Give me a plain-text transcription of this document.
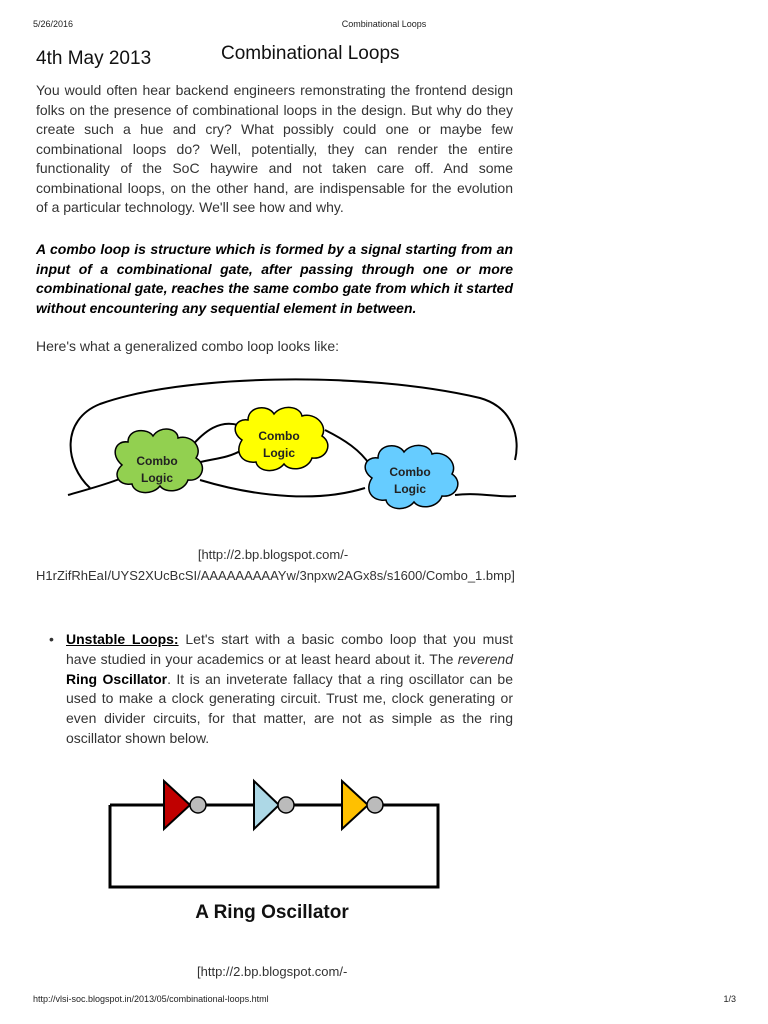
5/26/2016	Combinational Loops
4th May 2013	Combinational Loops

You would often hear backend engineers remonstrating the frontend design folks on the presence of combinational loops in the design. But why do they create such a hue and cry? What possibly could one or maybe few combinational loops do? Well, potentially, they can render the entire functionality of the SoC haywire and not taken care off. And some combinational loops, on the other hand, are indispensable for the evolution of a particular technology. We'll see how and why.

A combo loop is structure which is formed by a signal starting from an input of a combinational gate, after passing through one or more combinational gate, reaches the same combo gate from which it started without encountering any sequential element in between.

Here's what a generalized combo loop looks like:

Combo
Logic
Combo
Logic
Combo
Logic
[http://2.bp.blogspot.com/-
H1rZifRhEaI/UYS2XUcBcSI/AAAAAAAAAYw/3npxw2AGx8s/s1600/Combo_1.bmp]
• Unstable Loops: Let's start with a basic combo loop that you must have studied in your academics or at least heard about it. The reverend Ring Oscillator. It is an inveterate fallacy that a ring oscillator can be used to make a clock generating circuit. Trust me, clock generating or even divider circuits, for that matter, are not as simple as the ring oscillator shown below.
A Ring Oscillator
[http://2.bp.blogspot.com/-
http://vlsi-soc.blogspot.in/2013/05/combinational-loops.html	1/3
